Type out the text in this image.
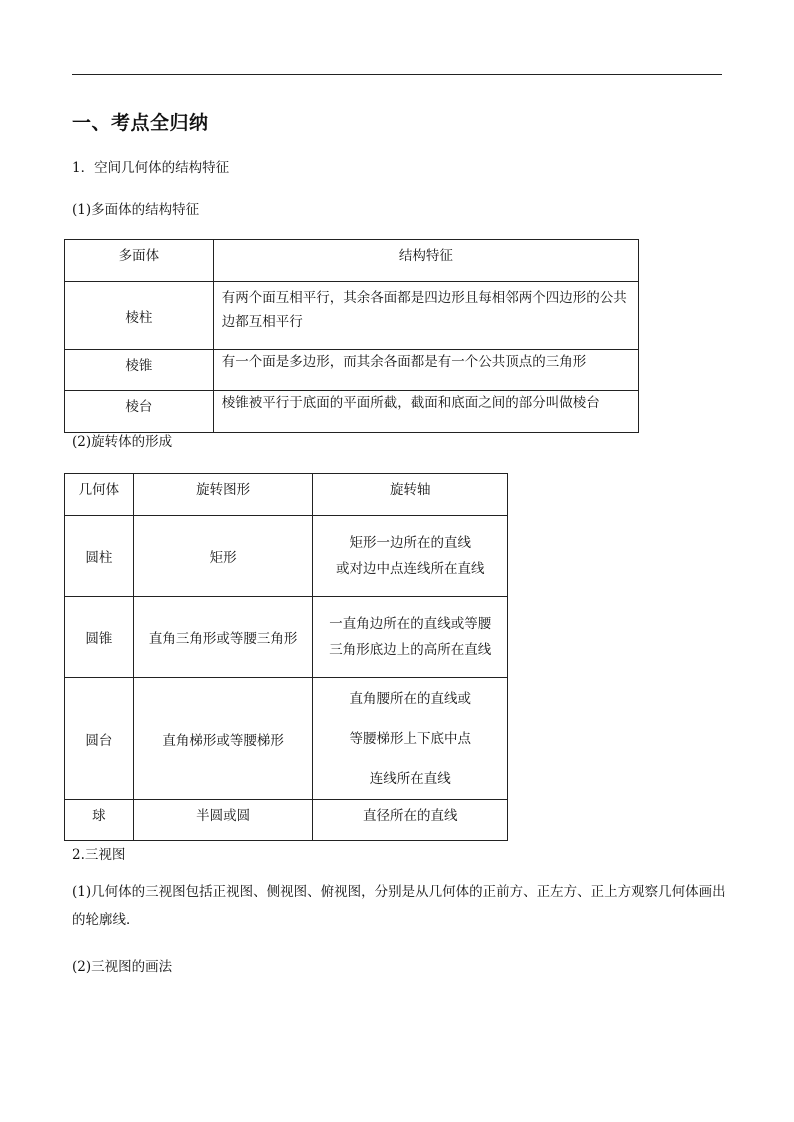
一、考点全归纳
1．空间几何体的结构特征
(1)多面体的结构特征
多面体	结构特征

棱柱	有两个面互相平行，其余各面都是四边形且每相邻两个四边形的公共边都互相平行

棱锥	有一个面是多边形，而其余各面都是有一个公共顶点的三角形

棱台	棱锥被平行于底面的平面所截，截面和底面之间的部分叫做棱台
(2)旋转体的形成
几何体	旋转图形	旋转轴

圆柱	矩形	矩形一边所在的直线
或对边中点连线所在直线

圆锥	直角三角形或等腰三角形	一直角边所在的直线或等腰
三角形底边上的高所在直线

圆台	直角梯形或等腰梯形	直角腰所在的直线或
等腰梯形上下底中点
连线所在直线

球	半圆或圆	直径所在的直线
2.三视图
(1)几何体的三视图包括正视图、侧视图、俯视图，分别是从几何体的正前方、正左方、正上方观察几何体画出的轮廓线．
(2)三视图的画法
